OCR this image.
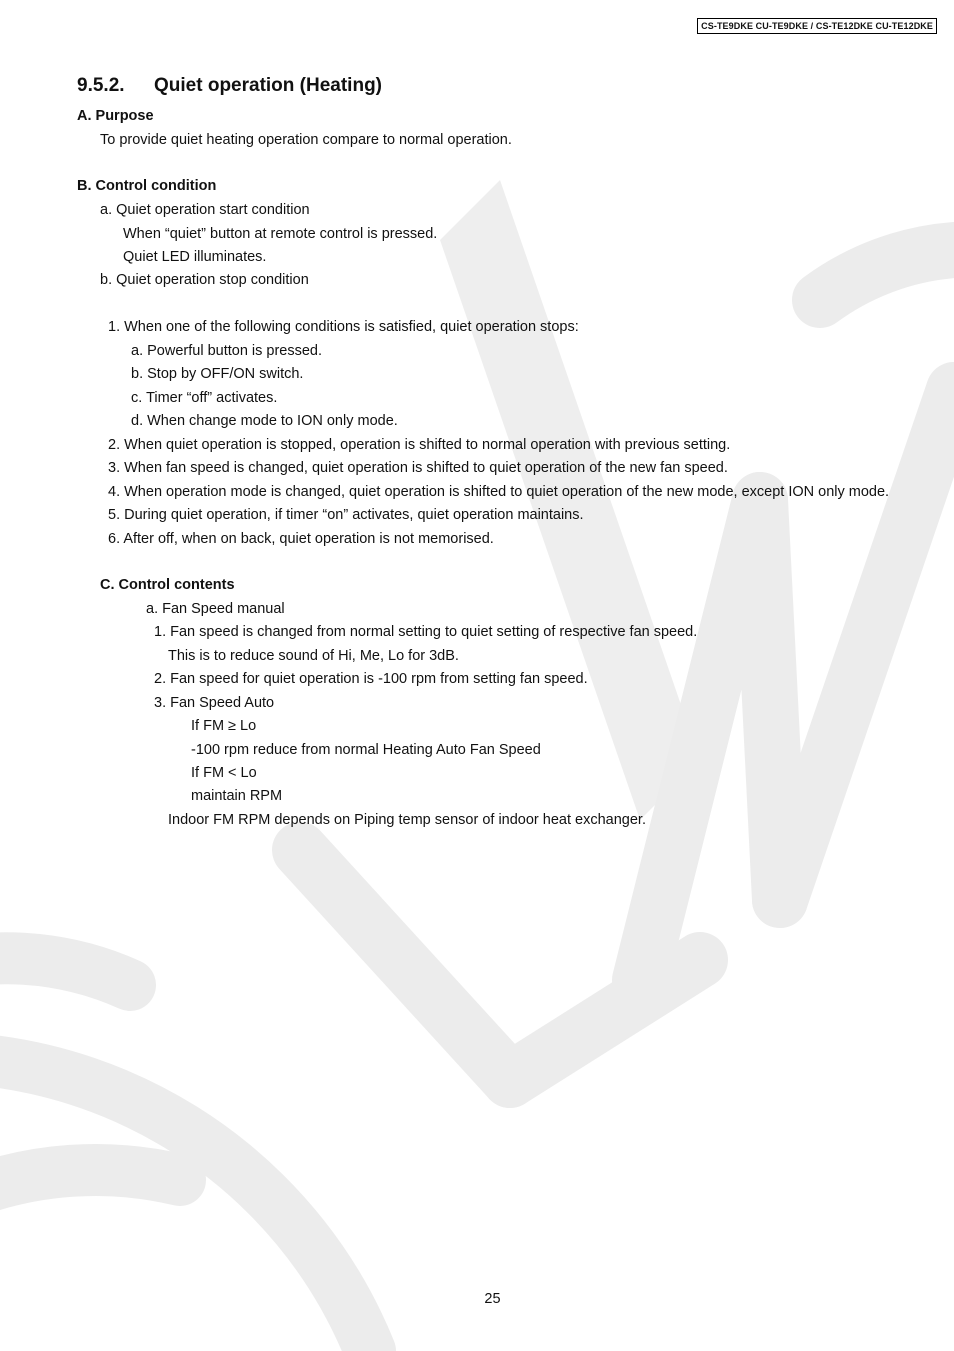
CS-TE9DKE CU-TE9DKE / CS-TE12DKE CU-TE12DKE
9.5.2. Quiet operation (Heating)
A. Purpose
To provide quiet heating operation compare to normal operation.
B. Control condition
a. Quiet operation start condition
When “quiet” button at remote control is pressed.
Quiet LED illuminates.
b. Quiet operation stop condition
1. When one of the following conditions is satisfied, quiet operation stops:
a. Powerful button is pressed.
b. Stop by OFF/ON switch.
c. Timer “off” activates.
d. When change mode to ION only mode.
2. When quiet operation is stopped, operation is shifted to normal operation with previous setting.
3. When fan speed is changed, quiet operation is shifted to quiet operation of the new fan speed.
4. When operation mode is changed, quiet operation is shifted to quiet operation of the new mode, except ION only mode.
5. During quiet operation, if timer “on” activates, quiet operation maintains.
6. After off, when on back, quiet operation is not memorised.
C. Control contents
a. Fan Speed manual
1. Fan speed is changed from normal setting to quiet setting of respective fan speed.
This is to reduce sound of Hi, Me, Lo for 3dB.
2. Fan speed for quiet operation is -100 rpm from setting fan speed.
3. Fan Speed Auto
If FM ≥ Lo
-100 rpm reduce from normal Heating Auto Fan Speed
If FM < Lo
maintain RPM
Indoor FM RPM depends on Piping temp sensor of indoor heat exchanger.
25
